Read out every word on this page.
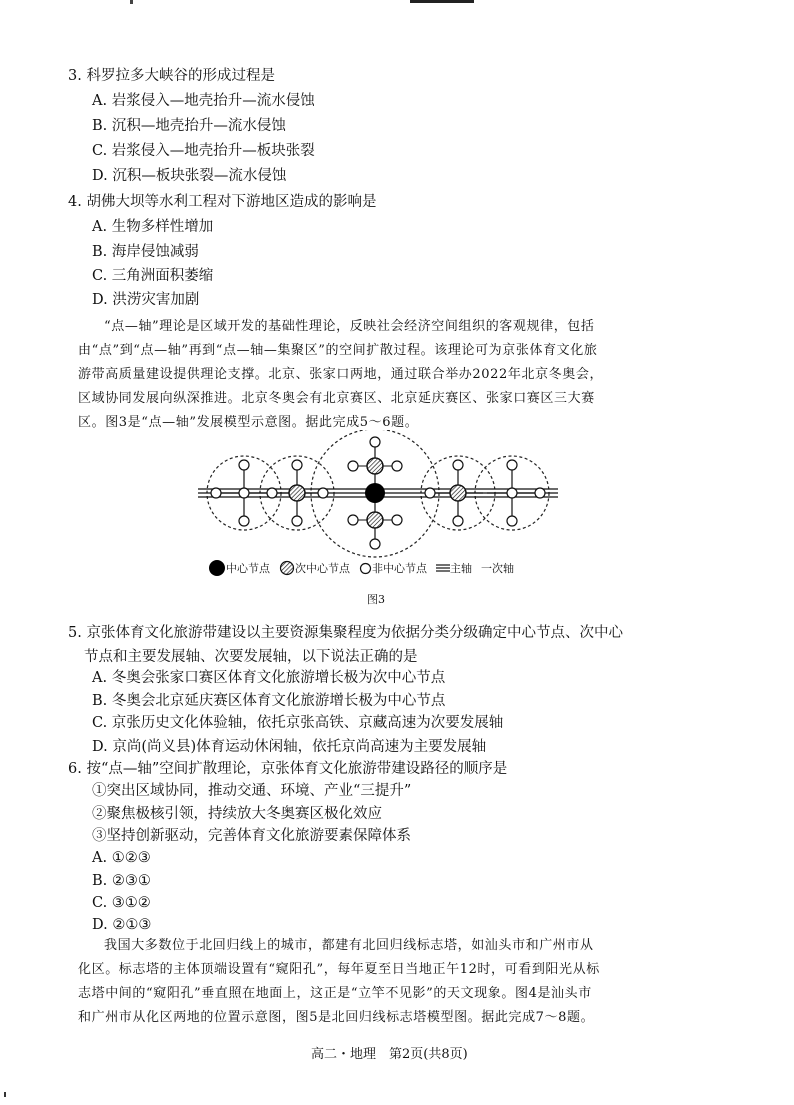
3. 科罗拉多大峡谷的形成过程是
A. 岩浆侵入—地壳抬升—流水侵蚀
B. 沉积—地壳抬升—流水侵蚀
C. 岩浆侵入—地壳抬升—板块张裂
D. 沉积—板块张裂—流水侵蚀
4. 胡佛大坝等水利工程对下游地区造成的影响是
A. 生物多样性增加
B. 海岸侵蚀减弱
C. 三角洲面积萎缩
D. 洪涝灾害加剧
“点—轴”理论是区域开发的基础性理论，反映社会经济空间组织的客观规律，包括
由“点”到“点—轴”再到“点—轴—集聚区”的空间扩散过程。该理论可为京张体育文化旅
游带高质量建设提供理论支撑。北京、张家口两地，通过联合举办2022年北京冬奥会，
区域协同发展向纵深推进。北京冬奥会有北京赛区、北京延庆赛区、张家口赛区三大赛
区。图3是“点—轴”发展模型示意图。据此完成5～6题。
中心节点 次中心节点 非中心节点 主轴 一次轴
图3
5. 京张体育文化旅游带建设以主要资源集聚程度为依据分类分级确定中心节点、次中心
节点和主要发展轴、次要发展轴，以下说法正确的是
A. 冬奥会张家口赛区体育文化旅游增长极为次中心节点
B. 冬奥会北京延庆赛区体育文化旅游增长极为中心节点
C. 京张历史文化体验轴，依托京张高铁、京藏高速为次要发展轴
D. 京尚(尚义县)体育运动休闲轴，依托京尚高速为主要发展轴
6. 按“点—轴”空间扩散理论，京张体育文化旅游带建设路径的顺序是
①突出区域协同，推动交通、环境、产业“三提升”
②聚焦极核引领，持续放大冬奥赛区极化效应
③坚持创新驱动，完善体育文化旅游要素保障体系
A. ①②③
B. ②③①
C. ③①②
D. ②①③
我国大多数位于北回归线上的城市，都建有北回归线标志塔，如汕头市和广州市从
化区。标志塔的主体顶端设置有“窥阳孔”，每年夏至日当地正午12时，可看到阳光从标
志塔中间的“窥阳孔”垂直照在地面上，这正是“立竿不见影”的天文现象。图4是汕头市
和广州市从化区两地的位置示意图，图5是北回归线标志塔模型图。据此完成7～8题。
高二・地理　第2页(共8页)
